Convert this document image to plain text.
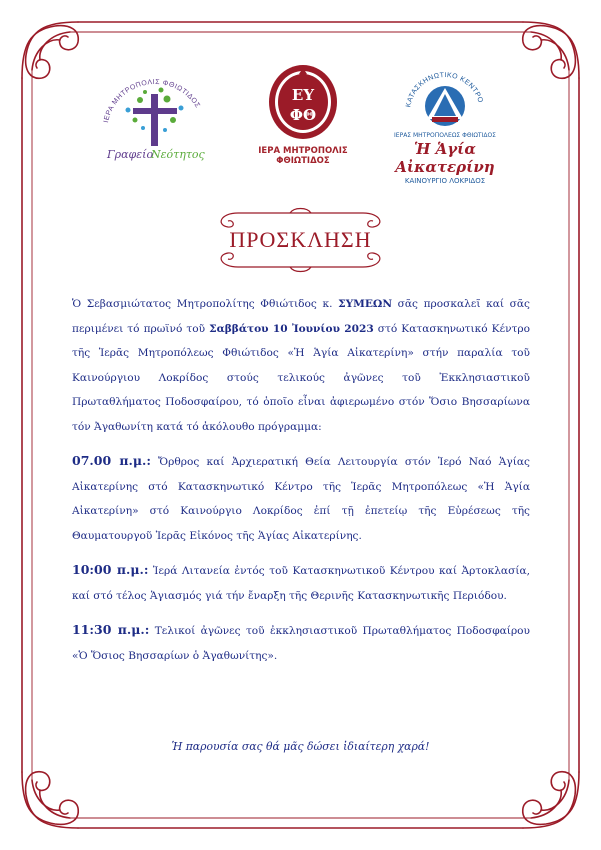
ΙΕΡΑ ΜΗΤΡΟΠΟΛΙΣ ΦΘΙΩΤΙΔΟΣ
Γραφείο
Νεότητος
ΕΥ
ΦΘ
ΙΕΡΑ ΜΗΤΡΟΠΟΛΙΣ
ΦΘΙΩΤΙΔΟΣ
ΚΑΤΑΣΚΗΝΩΤΙΚΟ ΚΕΝΤΡΟ
ΙΕΡΑΣ ΜΗΤΡΟΠΟΛΕΩΣ ΦΘΙΩΤΙΔΟΣ
Ἡ Ἁγία Αἰκατερίνη
ΚΑΙΝΟΥΡΓΙΟ ΛΟΚΡΙΔΟΣ
ΠΡΟΣΚΛΗΣΗ

Ὁ Σεβασμιώτατος Μητροπολίτης Φθιώτιδος κ. ΣΥΜΕΩΝ σᾶς προσκαλεῖ καί σᾶς περιμένει τό πρωϊνό τοῦ Σαββάτου 10 Ἰουνίου 2023 στό Κατασκηνωτικό Κέντρο τῆς Ἱερᾶς Μητροπόλεως Φθιώτιδος «Ἡ Ἁγία Αἰκατερίνη» στήν παραλία τοῦ Καινούργιου Λοκρίδος στούς τελικούς ἀγῶνες τοῦ Ἐκκλησιαστικοῦ Πρωταθλήματος Ποδοσφαίρου, τό ὁποῖο εἶναι ἀφιερωμένο στόν Ὅσιο Βησσαρίωνα τόν Ἀγαθωνίτη κατά τό ἀκόλουθο πρόγραμμα:

07.00 π.μ.: Ὄρθρος καί Ἀρχιερατική Θεία Λειτουργία στόν Ἱερό Ναό Ἁγίας Αἰκατερίνης στό Κατασκηνωτικό Κέντρο τῆς Ἱερᾶς Μητροπόλεως «Ἡ Ἁγία Αἰκατερίνη» στό Καινούργιο Λοκρίδος ἐπί τῇ ἐπετείῳ τῆς Εὑρέσεως τῆς Θαυματουργοῦ Ἱερᾶς Εἰκόνος τῆς Ἁγίας Αἰκατερίνης.

10:00 π.μ.: Ἱερά Λιτανεία ἐντός τοῦ Κατασκηνωτικοῦ Κέντρου καί Ἀρτοκλασία, καί στό τέλος Ἁγιασμός γιά τήν ἔναρξη τῆς Θερινῆς Κατασκηνωτικῆς Περιόδου.

11:30 π.μ.: Τελικοί ἀγῶνες τοῦ ἐκκλησιαστικοῦ Πρωταθλήματος Ποδοσφαίρου «Ὁ Ὅσιος Βησσαρίων ὁ Ἀγαθωνίτης».

Ἡ παρουσία σας θά μᾶς δώσει ἰδιαίτερη χαρά!
